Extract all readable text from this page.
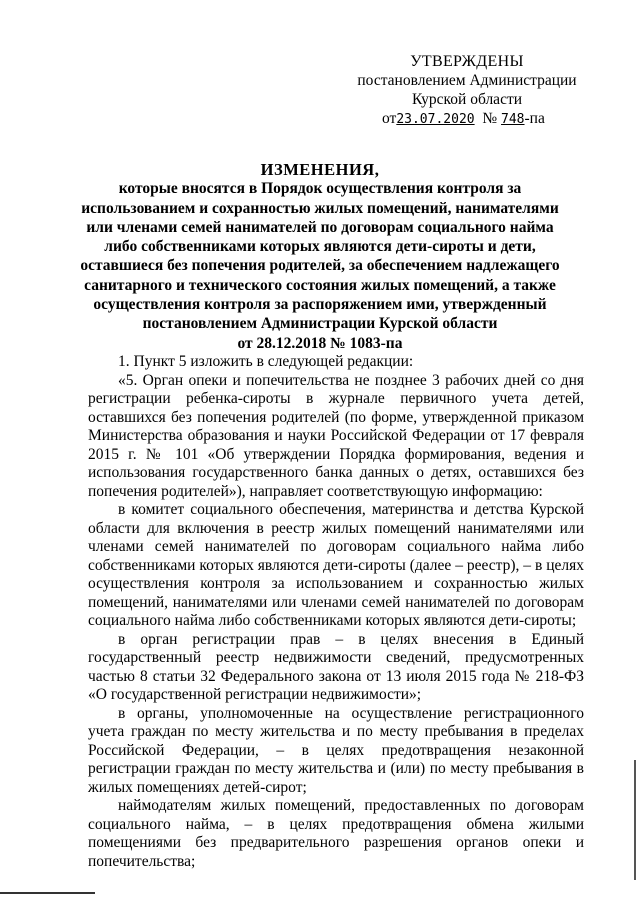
УТВЕРЖДЕНЫ
постановлением Администрации
Курской области
от23.07.2020 № 748-па
ИЗМЕНЕНИЯ,
которые вносятся в Порядок осуществления контроля за
использованием и сохранностью жилых помещений, нанимателями
или членами семей нанимателей по договорам социального найма
либо собственниками которых являются дети-сироты и дети,
оставшиеся без попечения родителей, за обеспечением надлежащего
санитарного и технического состояния жилых помещений, а также
осуществления контроля за распоряжением ими, утвержденный
постановлением Администрации Курской области
от 28.12.2018 № 1083-па

1. Пункт 5 изложить в следующей редакции:

«5. Орган опеки и попечительства не позднее 3 рабочих дней со дня регистрации ребенка-сироты в журнале первичного учета детей, оставшихся без попечения родителей (по форме, утвержденной приказом Министерства образования и науки Российской Федерации от 17 февраля 2015 г. № 101 «Об утверждении Порядка формирования, ведения и использования государственного банка данных о детях, оставшихся без попечения родителей»), направляет соответствующую информацию:

в комитет социального обеспечения, материнства и детства Курской области для включения в реестр жилых помещений нанимателями или членами семей нанимателей по договорам социального найма либо собственниками которых являются дети-сироты (далее – реестр), – в целях осуществления контроля за использованием и сохранностью жилых помещений, нанимателями или членами семей нанимателей по договорам социального найма либо собственниками которых являются дети-сироты;

в орган регистрации прав – в целях внесения в Единый государственный реестр недвижимости сведений, предусмотренных частью 8 статьи 32 Федерального закона от 13 июля 2015 года № 218-ФЗ «О государственной регистрации недвижимости»;

в органы, уполномоченные на осуществление регистрационного учета граждан по месту жительства и по месту пребывания в пределах Российской Федерации, – в целях предотвращения незаконной регистрации граждан по месту жительства и (или) по месту пребывания в жилых помещениях детей-сирот;

наймодателям жилых помещений, предоставленных по договорам социального найма, – в целях предотвращения обмена жилыми помещениями без предварительного разрешения органов опеки и попечительства;
